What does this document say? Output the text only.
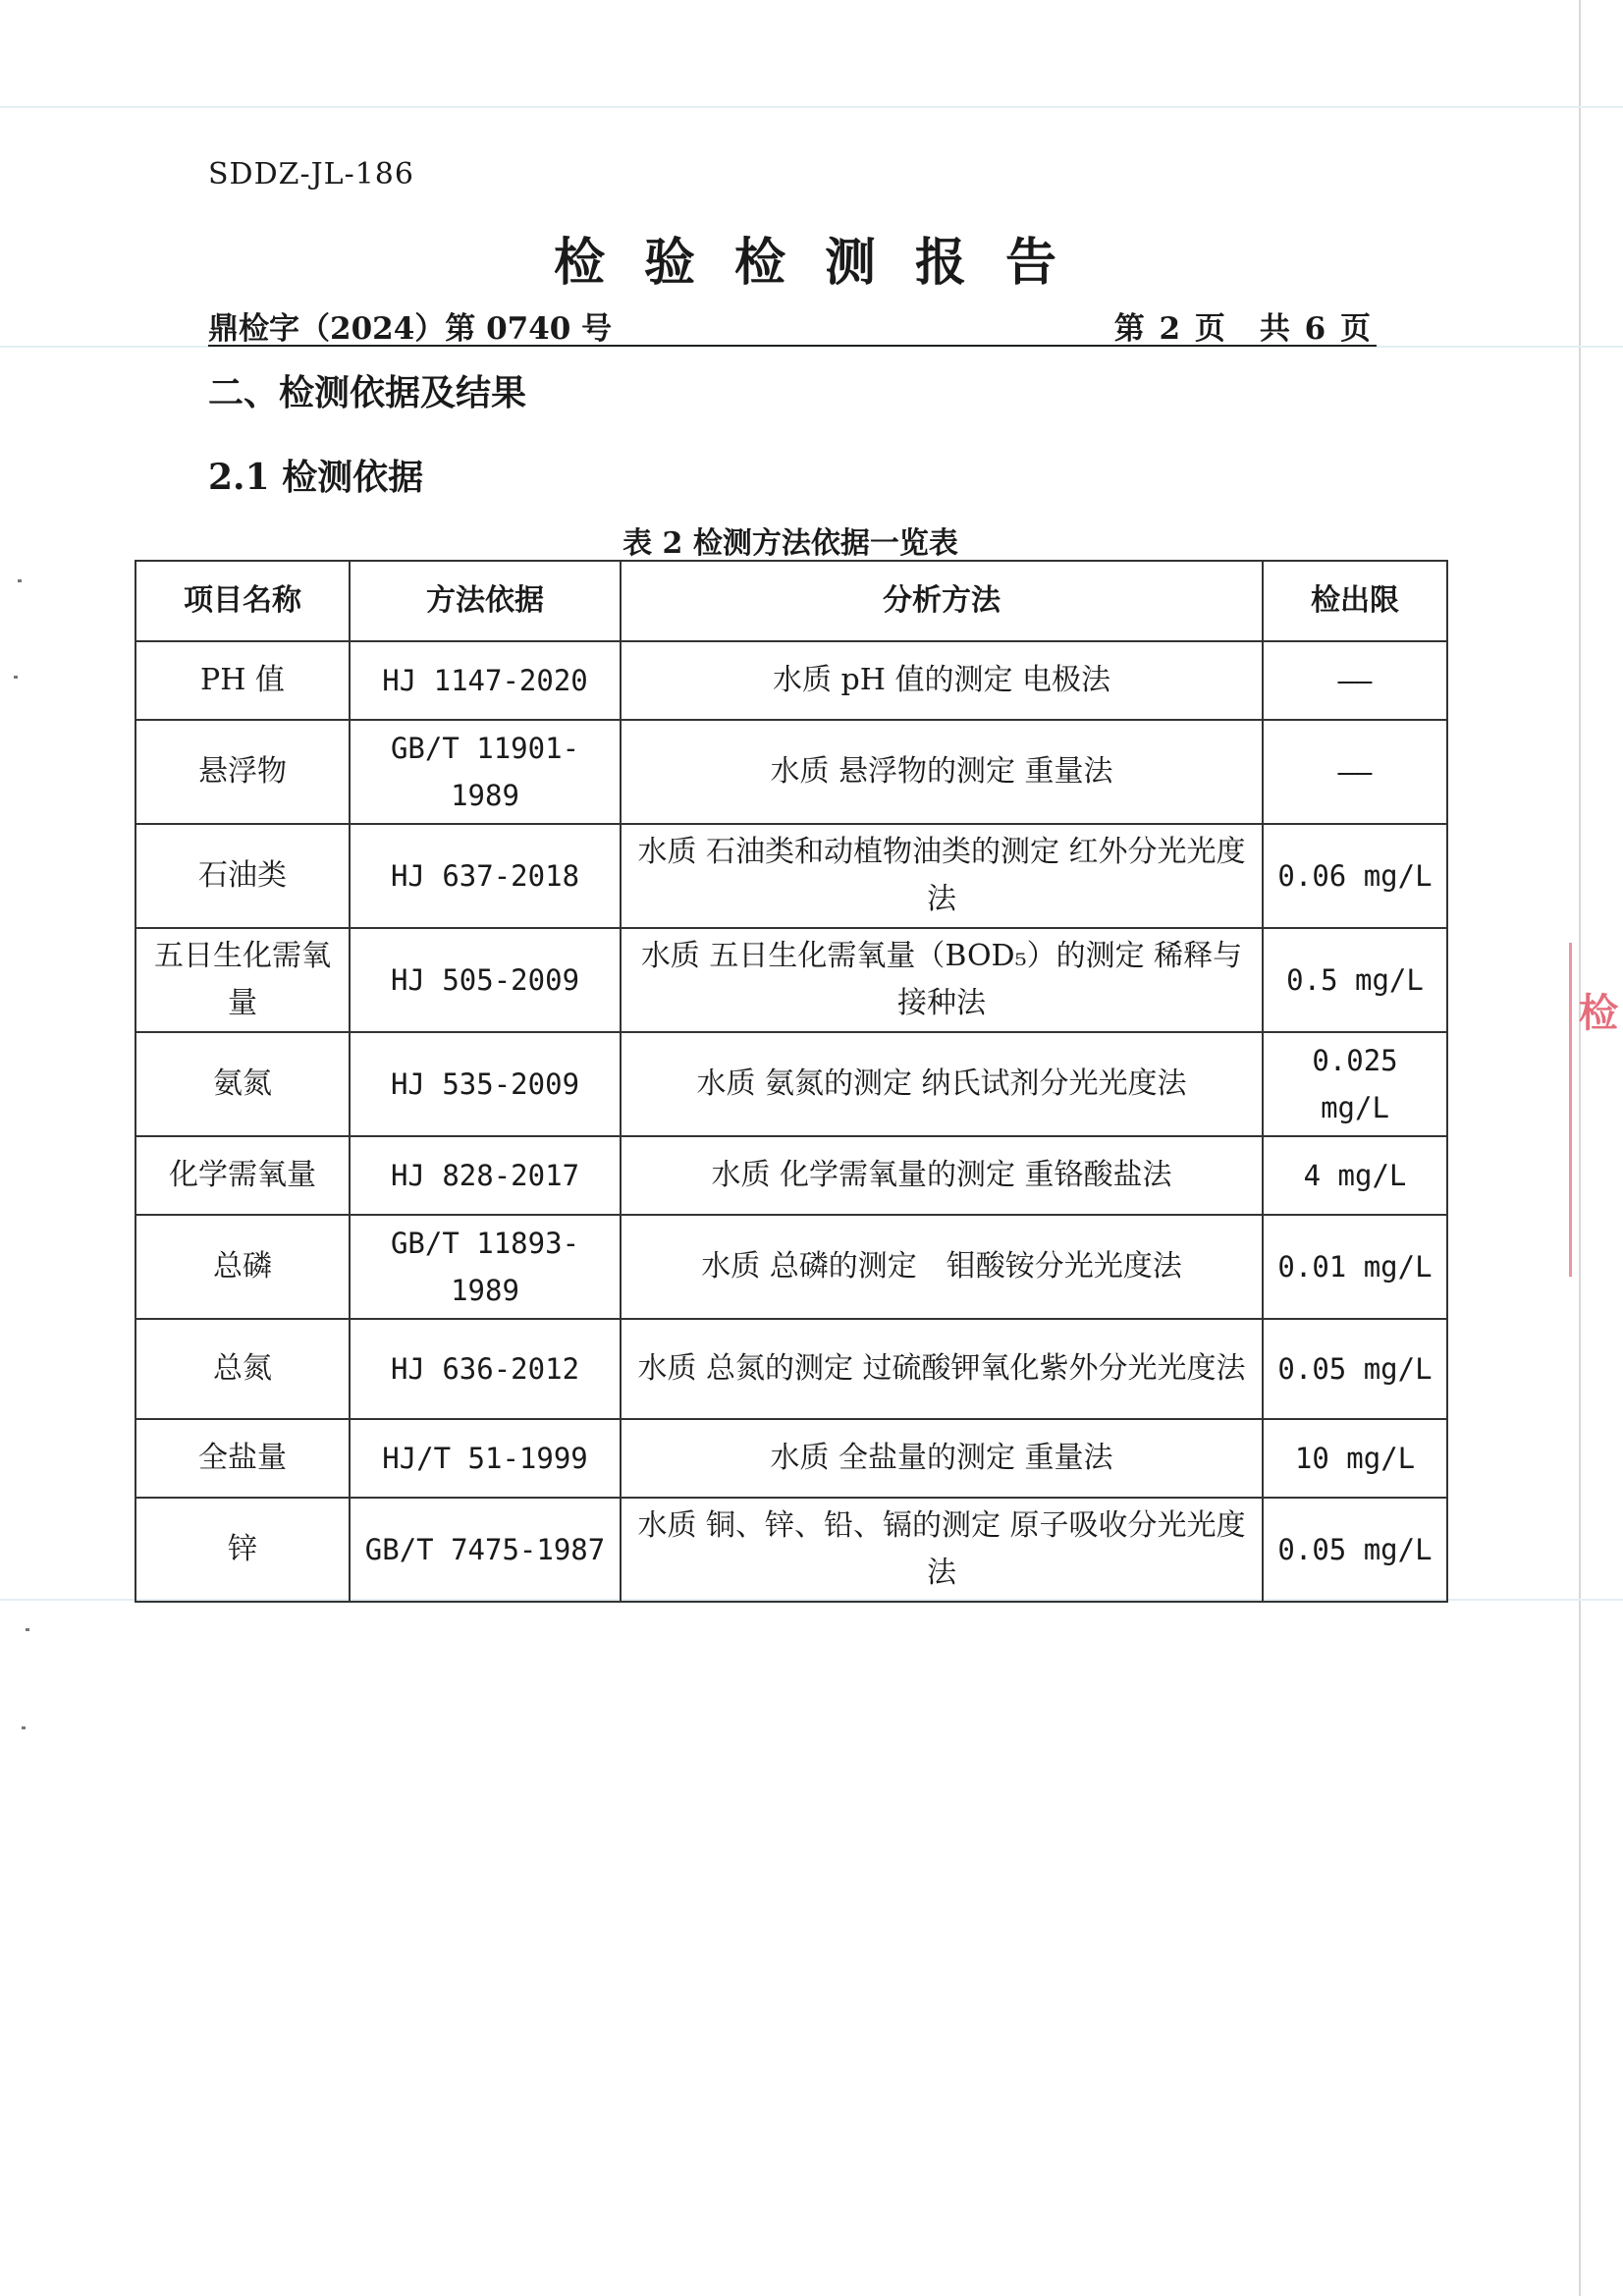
SDDZ-JL-186
检验检测报告
鼎检字（2024）第 0740 号	第 2 页　共 6 页
二、检测依据及结果
2.1 检测依据
表 2 检测方法依据一览表
项目名称	方法依据	分析方法	检出限
PH 值	HJ 1147-2020	水质 pH 值的测定 电极法	——
悬浮物	GB/T 11901-1989	水质 悬浮物的测定 重量法	——
石油类	HJ 637-2018	水质 石油类和动植物油类的测定 红外分光光度法	0.06 mg/L
五日生化需氧量	HJ 505-2009	水质 五日生化需氧量（BOD₅）的测定 稀释与接种法	0.5 mg/L
氨氮	HJ 535-2009	水质 氨氮的测定 纳氏试剂分光光度法	0.025 mg/L
化学需氧量	HJ 828-2017	水质 化学需氧量的测定 重铬酸盐法	4 mg/L
总磷	GB/T 11893-1989	水质 总磷的测定　钼酸铵分光光度法	0.01 mg/L
总氮	HJ 636-2012	水质 总氮的测定 过硫酸钾氧化紫外分光光度法	0.05 mg/L
全盐量	HJ/T 51-1999	水质 全盐量的测定 重量法	10 mg/L
锌	GB/T 7475-1987	水质 铜、锌、铅、镉的测定 原子吸收分光光度法	0.05 mg/L
检
